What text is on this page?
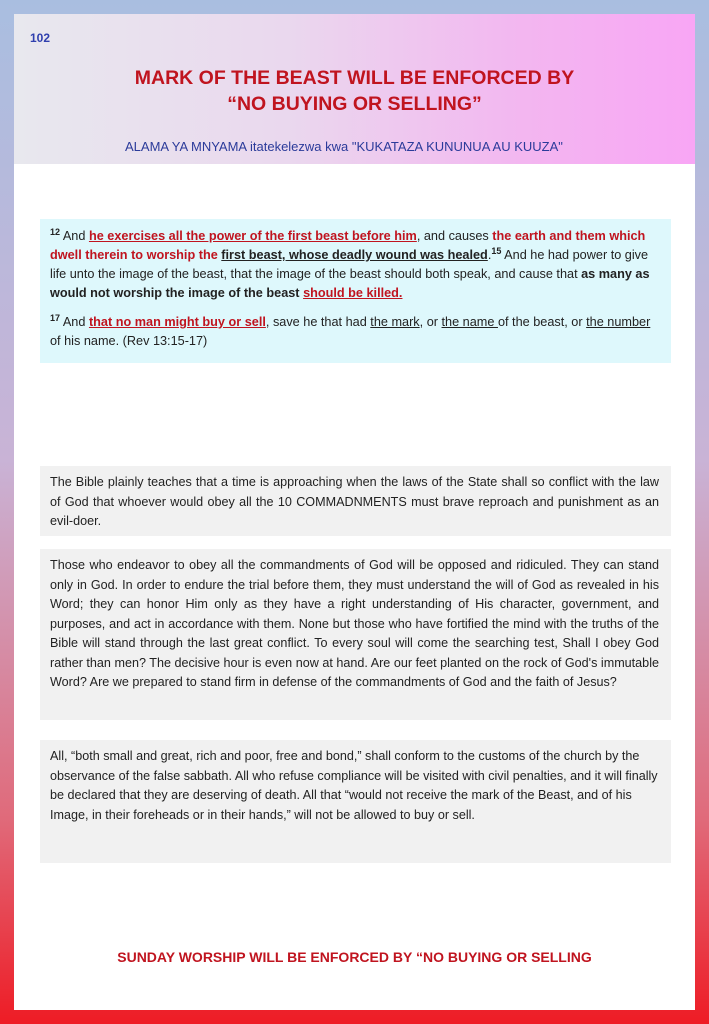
102
MARK OF THE BEAST WILL BE ENFORCED BY
“NO BUYING OR SELLING”
ALAMA YA MNYAMA itatekelezwa kwa "KUKATAZA KUNUNUA AU KUUZA"

$^{12}$ And he exercises all the power of the first beast before him, and causes the earth and them which dwell therein to worship the first beast, whose deadly wound was healed.$^{15}$ And he had power to give life unto the image of the beast, that the image of the beast should both speak, and cause that as many as would not worship the image of the beast should be killed.

$^{17}$ And that no man might buy or sell, save he that had the mark, or the name of the beast, or the number of his name. (Rev 13:15-17)

The Bible plainly teaches that a time is approaching when the laws of the State shall so conflict with the law of God that whoever would obey all the 10 COMMADNMENTS must brave reproach and punishment as an evil-doer.
Those who endeavor to obey all the commandments of God will be opposed and ridiculed. They can stand only in God. In order to endure the trial before them, they must understand the will of God as revealed in his Word; they can honor Him only as they have a right understanding of His character, government, and purposes, and act in accordance with them. None but those who have fortified the mind with the truths of the Bible will stand through the last great conflict. To every soul will come the searching test, Shall I obey God rather than men? The decisive hour is even now at hand. Are our feet planted on the rock of God's immutable Word? Are we prepared to stand firm in defense of the commandments of God and the faith of Jesus?
All, “both small and great, rich and poor, free and bond,” shall conform to the customs of the church by the observance of the false sabbath. All who refuse compliance will be visited with civil penalties, and it will finally be declared that they are deserving of death. All that “would not receive the mark of the Beast, and of his Image, in their foreheads or in their hands,” will not be allowed to buy or sell.
SUNDAY WORSHIP WILL BE ENFORCED BY “NO BUYING OR SELLING
